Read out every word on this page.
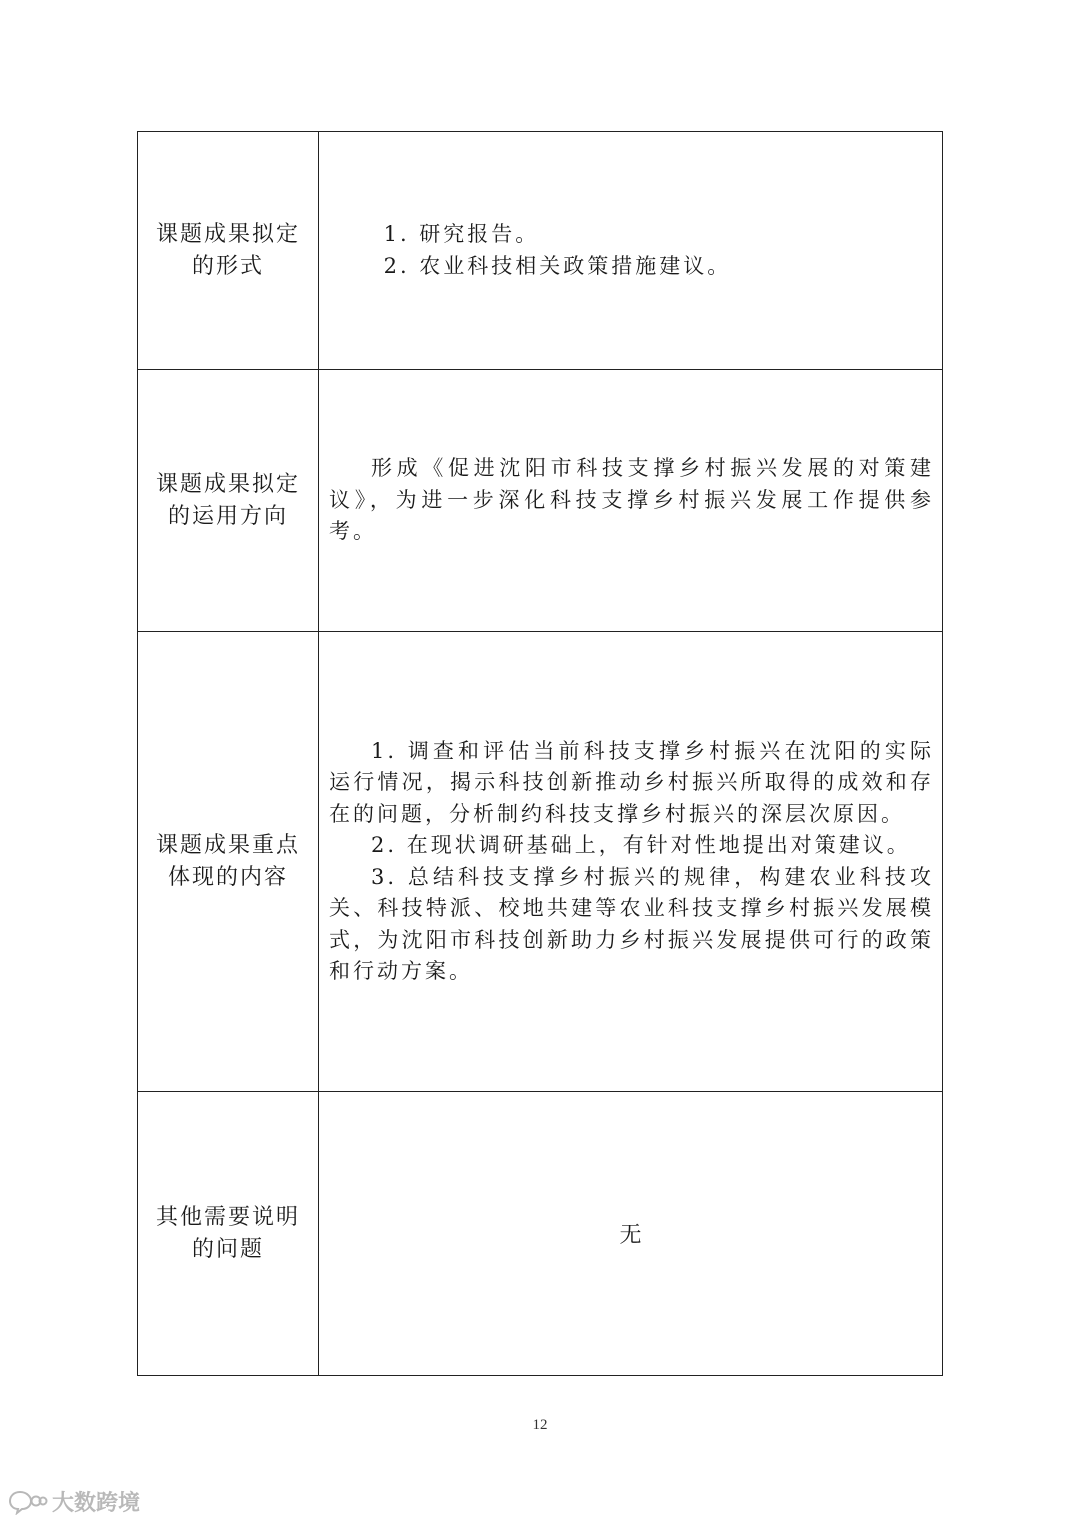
课题成果拟定的形式

1. 研究报告。

2. 农业科技相关政策措施建议。

课题成果拟定的运用方向

形成《促进沈阳市科技支撑乡村振兴发展的对策建议》，为进一步深化科技支撑乡村振兴发展工作提供参考。

课题成果重点体现的内容

1. 调查和评估当前科技支撑乡村振兴在沈阳的实际运行情况，揭示科技创新推动乡村振兴所取得的成效和存在的问题，分析制约科技支撑乡村振兴的深层次原因。

2. 在现状调研基础上，有针对性地提出对策建议。

3. 总结科技支撑乡村振兴的规律，构建农业科技攻关、科技特派、校地共建等农业科技支撑乡村振兴发展模式，为沈阳市科技创新助力乡村振兴发展提供可行的政策和行动方案。

其他需要说明的问题
无
12
大数跨境
